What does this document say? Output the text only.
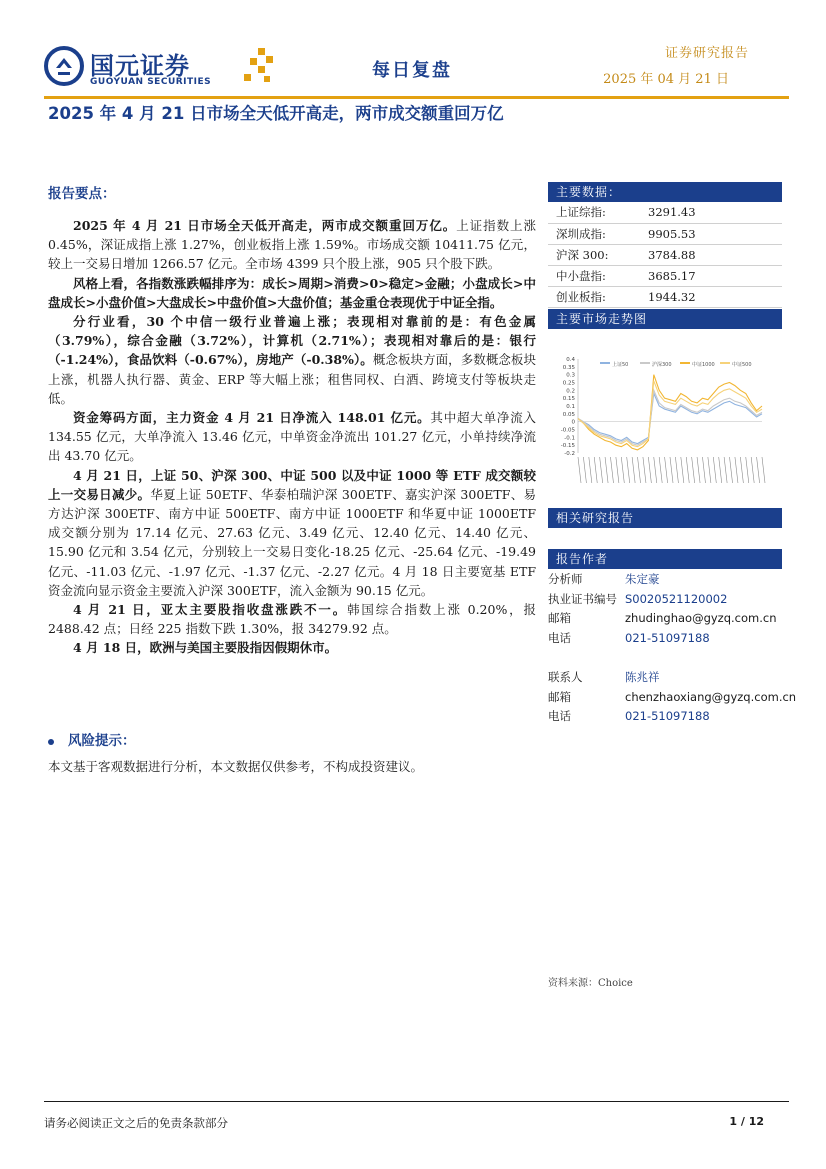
国元证券
GUOYUAN SECURITIES
每日复盘
证券研究报告
2025 年 04 月 21 日
2025 年 4 月 21 日市场全天低开高走，两市成交额重回万亿
报告要点：

2025 年 4 月 21 日市场全天低开高走，两市成交额重回万亿。上证指数上涨 0.45%，深证成指上涨 1.27%，创业板指上涨 1.59%。市场成交额 10411.75 亿元，较上一交易日增加 1266.57 亿元。全市场 4399 只个股上涨，905 只个股下跌。

风格上看，各指数涨跌幅排序为：成长>周期>消费>0>稳定>金融；小盘成长>中盘成长>小盘价值>大盘成长>中盘价值>大盘价值；基金重仓表现优于中证全指。

分行业看，30 个中信一级行业普遍上涨；表现相对靠前的是：有色金属（3.79%），综合金融（3.72%），计算机（2.71%）；表现相对靠后的是：银行（-1.24%），食品饮料（-0.67%），房地产（-0.38%）。概念板块方面，多数概念板块上涨，机器人执行器、黄金、ERP 等大幅上涨；租售同权、白酒、跨境支付等板块走低。

资金筹码方面，主力资金 4 月 21 日净流入 148.01 亿元。其中超大单净流入 134.55 亿元，大单净流入 13.46 亿元，中单资金净流出 101.27 亿元，小单持续净流出 43.70 亿元。

4 月 21 日，上证 50、沪深 300、中证 500 以及中证 1000 等 ETF 成交额较上一交易日减少。华夏上证 50ETF、华泰柏瑞沪深 300ETF、嘉实沪深 300ETF、易方达沪深 300ETF、南方中证 500ETF、南方中证 1000ETF 和华夏中证 1000ETF 成交额分别为 17.14 亿元、27.63 亿元、3.49 亿元、12.40 亿元、14.40 亿元、15.90 亿元和 3.54 亿元，分别较上一交易日变化-18.25 亿元、-25.64 亿元、-19.49 亿元、-11.03 亿元、-1.97 亿元、-1.37 亿元、-2.27 亿元。4 月 18 日主要宽基 ETF 资金流向显示资金主要流入沪深 300ETF，流入金额为 90.15 亿元。

4 月 21 日，亚太主要股指收盘涨跌不一。韩国综合指数上涨 0.20%，报 2488.42 点；日经 225 指数下跌 1.30%，报 34279.92 点。

4 月 18 日，欧洲与美国主要股指因假期休市。

风险提示：
本文基于客观数据进行分析，本文数据仅供参考，不构成投资建议。
主要数据：
上证综指:	3291.43
深圳成指:	9905.53
沪深 300:	3784.88
中小盘指:	3685.17
创业板指:	1944.32
主要市场走势图
上证50	沪深300	中证1000	中证500
0.4
0.35
0.3
0.25
0.2
0.15
0.1
0.05
0
-0.05
-0.1
-0.15
-0.2
资料来源：Choice
相关研究报告
报告作者
分析师	朱定豪
执业证书编号 S0020521120002
邮箱	zhudinghao@gyzq.com.cn
电话	021-51097188
联系人	陈兆祥
邮箱	chenzhaoxiang@gyzq.com.cn
电话	021-51097188
请务必阅读正文之后的免责条款部分	1 / 12
